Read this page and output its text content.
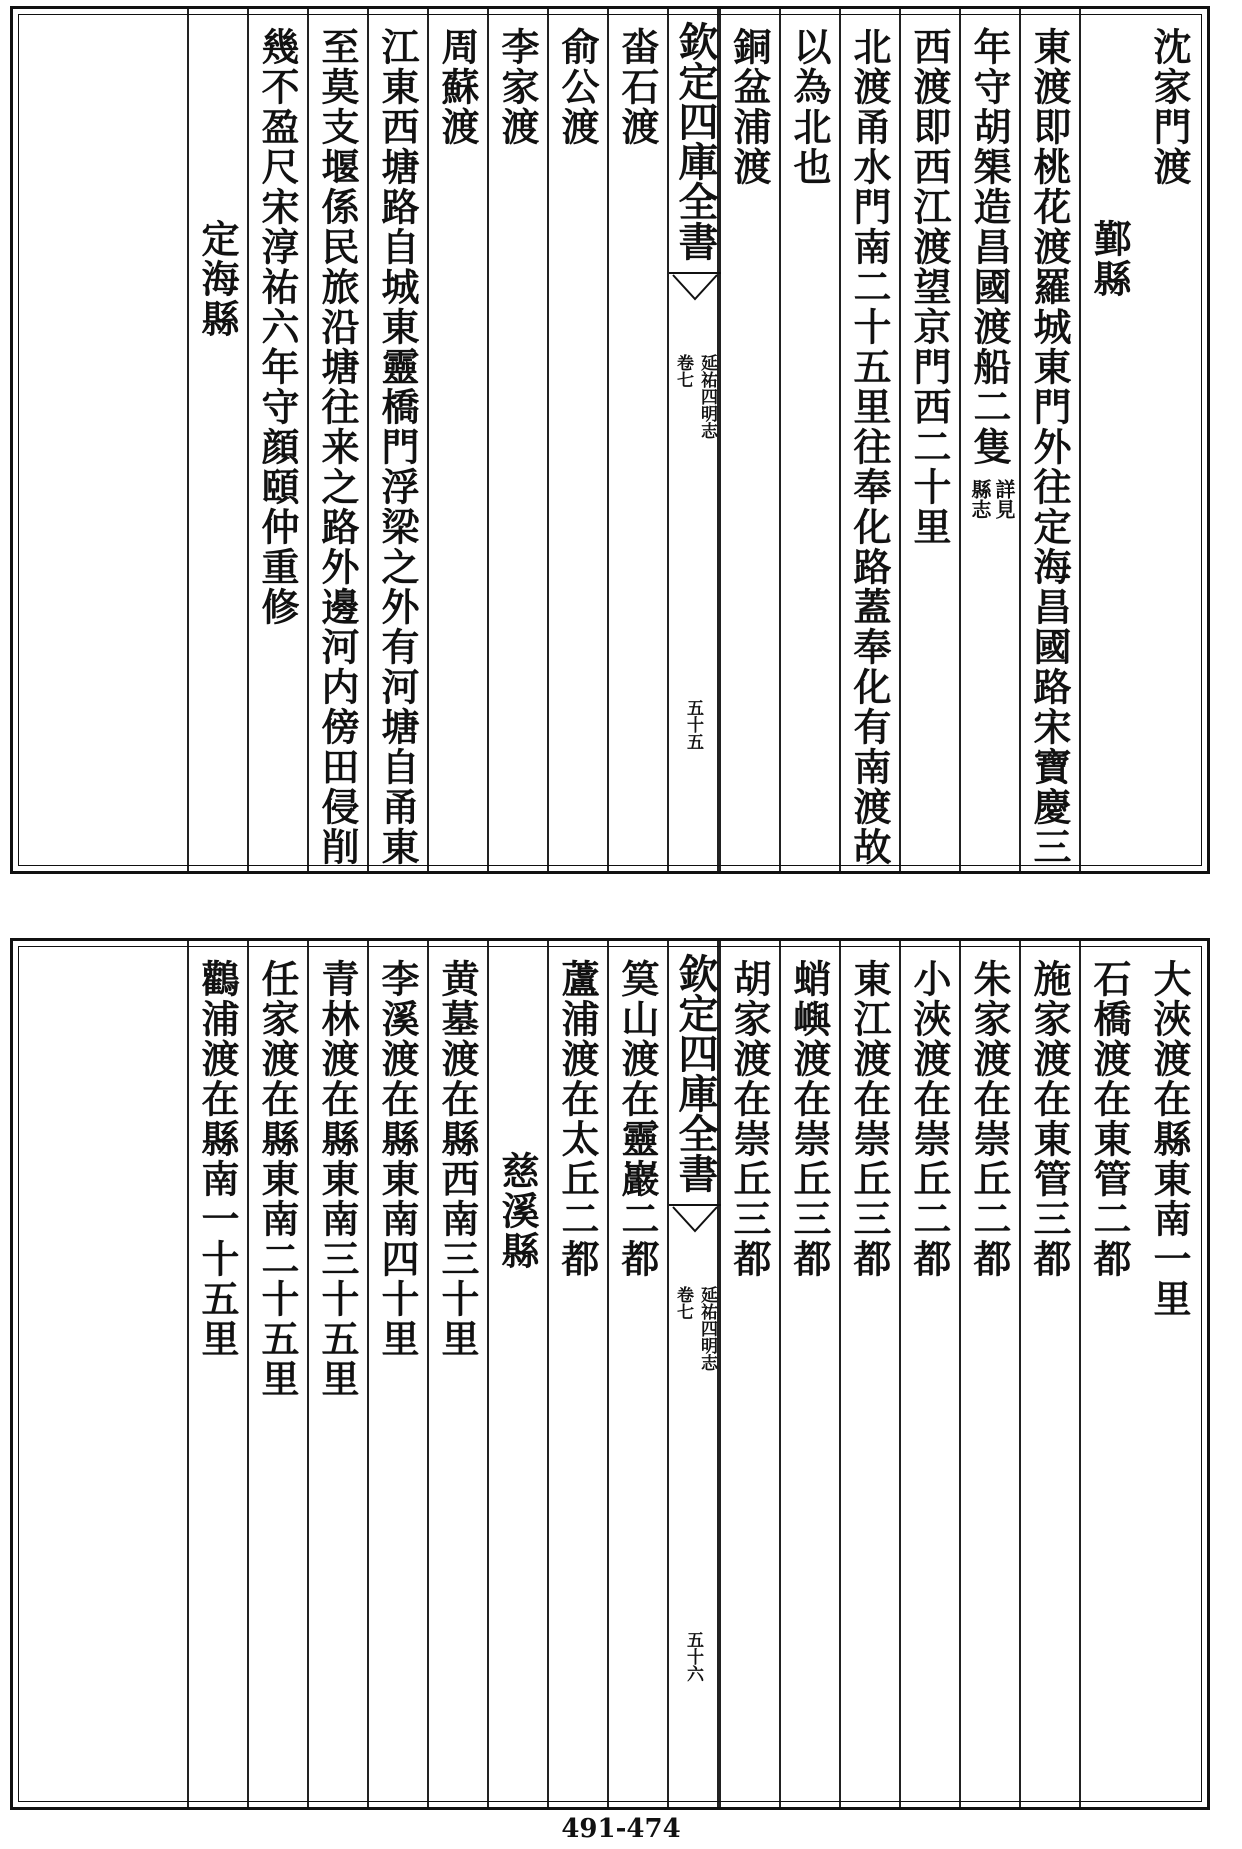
沈家門渡
鄞縣
東渡即桃花渡羅城東門外往定海昌國路宋寶慶三
年守胡榘造昌國渡船二隻
詳見
縣志
西渡即西江渡望京門西二十里
北渡甬水門南二十五里往奉化路蓋奉化有南渡故
以為北也
銅盆浦渡
欽定四庫全書
延祐四明志
卷七
五十五
畓石渡
俞公渡
李家渡
周蘇渡
江東西塘路自城東靈橋門浮梁之外有河塘自甬東
至莫支堰係民旅沿塘往来之路外邊河内傍田侵削
幾不盈尺宋淳祐六年守顔頤仲重修
定海縣
大浹渡在縣東南一里
石橋渡在東管二都
施家渡在東管三都
朱家渡在崇丘二都
小浹渡在崇丘二都
東江渡在崇丘三都
蛸嶼渡在崇丘三都
胡家渡在崇丘三都
欽定四庫全書
延祐四明志
卷七
五十六
筽山渡在靈巖二都
蘆浦渡在太丘二都
慈溪縣
黄墓渡在縣西南三十里
李溪渡在縣東南四十里
青林渡在縣東南三十五里
任家渡在縣東南二十五里
鸛浦渡在縣南一十五里
491-474
